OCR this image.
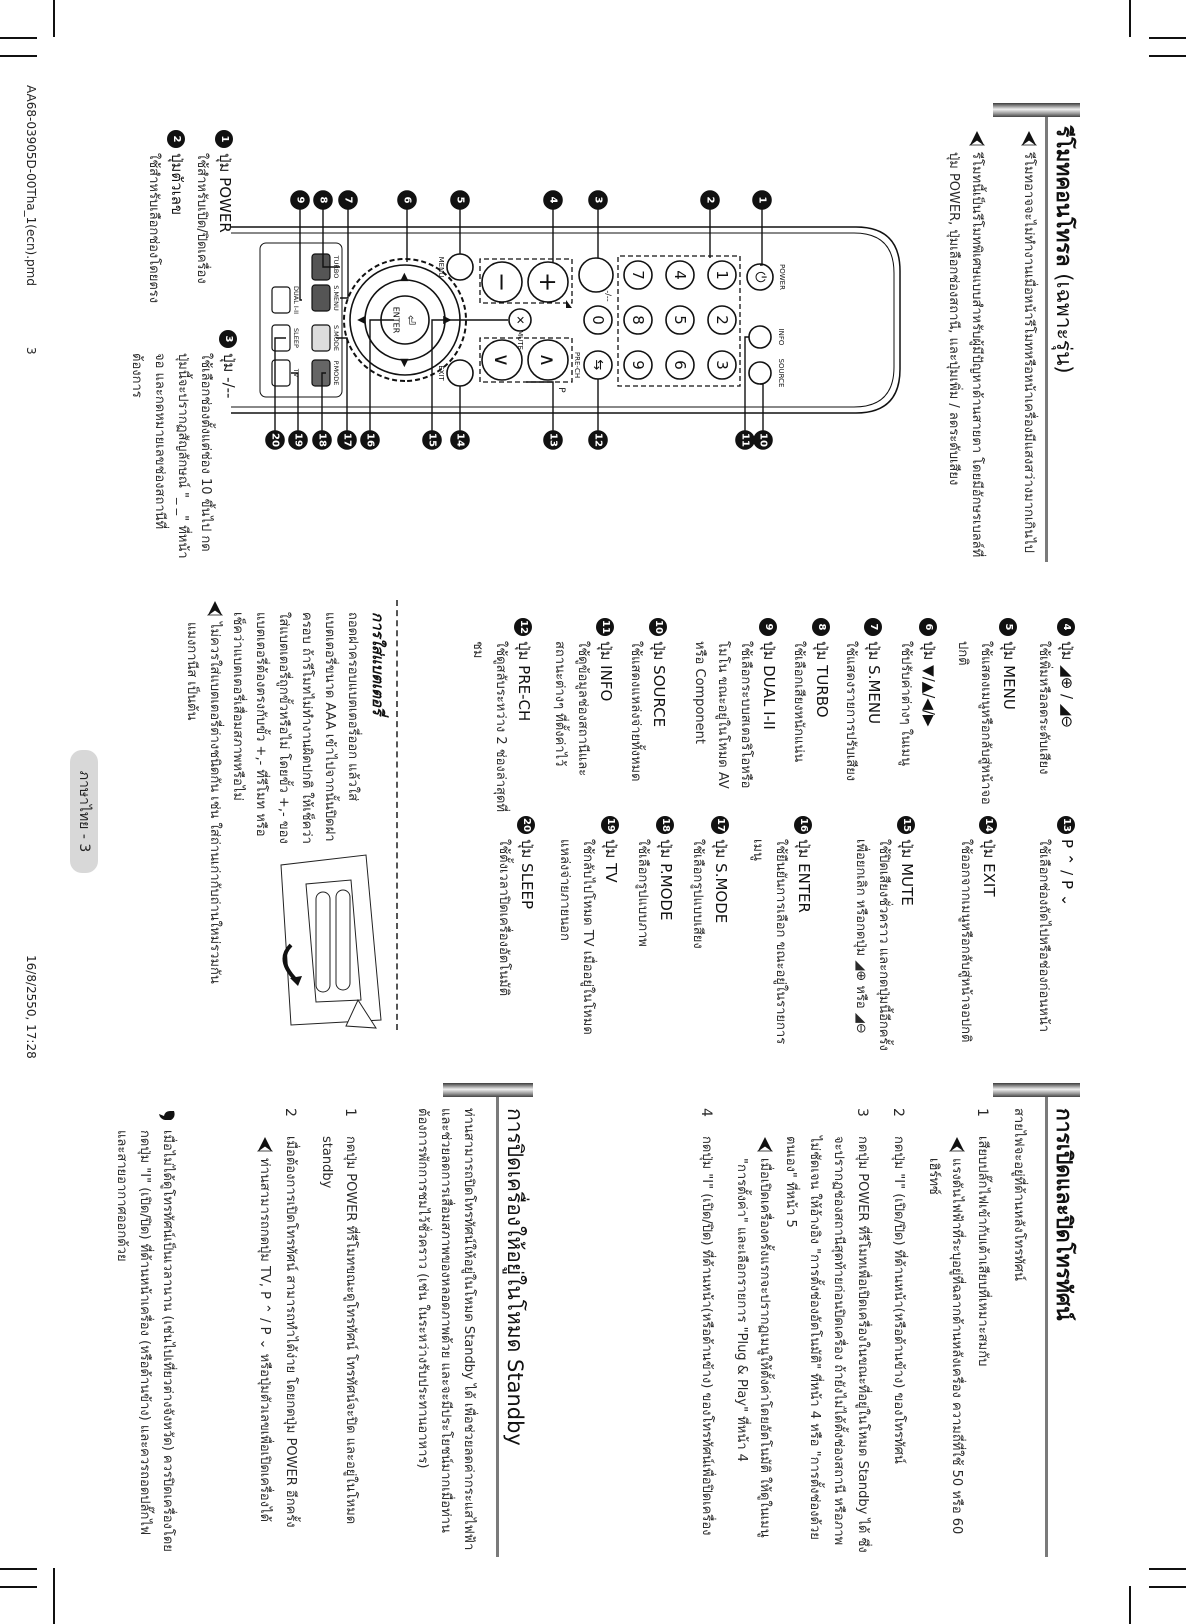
รีโมทคอนโทรล (เฉพาะรุ่น)
รีโมทอาจจะไม่ทำงานเมื่อหน้ารีโมทหรือหน้าเครื่องมีแสงสว่างมากเกินไป
รีโมทนี้เป็นรีโมทพิเศษแบบสำหรับผู้มีปัญหาด้านสายตา โดยมีอักษรเบลล์ที่ปุ่ม POWER, ปุ่มเลือกช่องสถานี, และปุ่มเพิ่ม / ลดระดับเสียง
⏻ POWER
INFO
SOURCE
1
2
3
4
5
6
7
8
9
0
-/--
⇆
PRE-CH
+
−
∧
∨
P
✕
MUTE
MENU
EXIT
▲
▼
◀
▶
⏎
ENTER
TURBO
S.MENU
S.MODE
P.MODE
DUAL I-II
SLEEP
TV
1
2
3
4
5
6
7
8
9
10
11
12
13
14
15
16
17
18
19
20
1
ปุ่ม POWER
ใช้สำหรับเปิด/ปิดเครื่อง
2
ปุ่มตัวเลข
ใช้สำหรับเลือกช่องโดยตรง
3
ปุ่ม -/--
ใช้เลือกช่องตั้งแต่ช่อง 10 ขึ้นไป กดปุ่มนี้จะปรากฏสัญลักษณ์ "_ _" ที่หน้าจอ และกดหมายเลขช่องสถานีที่ต้องการ
4
ปุ่ม ◢⊕ / ◢⊖
ใช้เพิ่มหรือลดระดับเสียง
5
ปุ่ม MENU
ใช้แสดงเมนูหรือกลับสู่หน้าจอปกติ
6
ปุ่ม ▼/▲/◀/▶
ใช้ปรับค่าต่างๆ ในเมนู
7
ปุ่ม S.MENU
ใช้แสดงรายการปรับเสียง
8
ปุ่ม TURBO
ใช้เลือกเสียงหนักแน่น
9
ปุ่ม DUAL I-II
ใช้เลือกระบบสเตอริโอหรือโมโน ขณะอยู่ในโหมด AV หรือ Component
10
ปุ่ม SOURCE
ใช้แสดงแหล่งจ่ายทั้งหมด
11
ปุ่ม INFO
ใช้ดูข้อมูลช่องสถานีและสถานะต่างๆ ที่ตั้งค่าไว้
12
ปุ่ม PRE-CH
ใช้ดูสลับระหว่าง 2 ช่องล่าสุดที่ชม
13
P ⌃ / P ⌄
ใช้เลือกช่องถัดไปหรือช่องก่อนหน้า
14
ปุ่ม EXIT
ใช้ออกจากเมนูหรือกลับสู่หน้าจอปกติ
15
ปุ่ม MUTE
ใช้ปิดเสียงชั่วคราว และกดปุ่มนี้อีกครั้งเพื่อยกเลิก หรือกดปุ่ม ◢⊕ หรือ ◢⊖
16
ปุ่ม ENTER
ใช้ยืนยันการเลือก ขณะอยู่ในรายการเมนู
17
ปุ่ม S.MODE
ใช้เลือกรูปแบบเสียง
18
ปุ่ม P.MODE
ใช้เลือกรูปแบบภาพ
19
ปุ่ม TV
ใช้กลับไปโหมด TV เมื่ออยู่ในโหมดแหล่งจ่ายภายนอก
20
ปุ่ม SLEEP
ใช้ตั้งเวลาปิดเครื่องอัตโนมัติ
การใส่แบตเตอรี่
ถอดฝาครอบแบตเตอรี่ออก แล้วใส่แบตเตอรี่ขนาด AAA เข้าไปจากนั้นปิดฝาครอบ ถ้ารีโมทไม่ทำงานผิดปกติ ให้เช็คว่า ใส่แบตเตอรี่ถูกขั้วหรือไม่ โดยขั้ว +,- ของแบตเตอรี่ต้องตรงกับขั้ว +,- ที่รีโมท หรือเช็คว่าแบตเตอรี่เสื่อมสภาพหรือไม่
ไม่ควรใส่แบตเตอรี่ต่างชนิดกัน เช่น ใส่ถ่านเก่ากับถ่านใหม่รวมกัน แมงกานีส เป็นต้น
การเปิดและปิดโทรทัศน์
สายไฟจะอยู่ที่ด้านหลังโทรทัศน์
1
เสียบปลั๊กไฟเข้ากับเต้าเสียบที่เหมาะสมกับ
แรงดันไฟฟ้าที่ระบุอยู่ที่ฉลากด้านหลังเครื่อง ความถี่ที่ใช้ 50 หรือ 60 เฮิร์ทซ์
2
กดปุ่ม "I" (เปิด/ปิด) ที่ด้านหน้า(หรือด้านข้าง) ของโทรทัศน์
3
กดปุ่ม POWER ที่รีโมทเพื่อเปิดเครื่องในขณะที่อยู่ในโหมด Standby ได้ ซึ่งจะปรากฏช่องสถานีสุดท้ายก่อนปิดเครื่อง ถ้ายังไม่ได้ตั้งช่องสถานี หรือภาพไม่ชัดเจน ให้อ้างอิง "การตั้งช่องอัตโนมัติ" ที่หน้า 4 หรือ "การตั้งช่องด้วยตนเอง" ที่หน้า 5
เมื่อเปิดเครื่องครั้งแรกจะปรากฏเมนูให้ตั้งค่าโดยอัตโนมัติ ให้ดูในเมนู "การตั้งค่า" และเลือกรายการ "Plug & Play" ที่หน้า 4
4
กดปุ่ม "I" (เปิด/ปิด) ที่ด้านหน้า(หรือด้านข้าง) ของโทรทัศน์เพื่อปิดเครื่อง
การปิดเครื่องให้อยู่ในโหมด Standby
ท่านสามารถปิดโทรทัศน์ให้อยู่ในโหมด Standby ได้ เพื่อช่วยลดค่ากระแสไฟฟ้า และช่วยลดการเสื่อมสภาพของหลอดภาพด้วย และจะมีประโยชน์มากเมื่อท่านต้องการพักการชมไว้ชั่วคราว (เช่น ในระหว่างรับประทานอาหาร)
1
กดปุ่ม POWER ที่รีโมทขณะดูโทรทัศน์ โทรทัศน์จะปิด และอยู่ในโหมด standby
2
เมื่อต้องการเปิดโทรทัศน์ สามารถทำได้ง่าย โดยกดปุ่ม POWER อีกครั้ง
ท่านสามารถกดปุ่ม TV, P ⌃ / P ⌄ หรือปุ่มตัวเลขเพื่อเปิดเครื่องได้
เมื่อไม่ได้ดูโทรทัศน์เป็นเวลานาน (เช่นไปเที่ยวต่างจังหวัด) ควรปิดเครื่องโดยกดปุ่ม "I" (เปิด/ปิด) ที่ด้านหน้าเครื่อง (หรือด้านข้าง) และควรถอดปลั๊กไฟและสายอากาศออกด้วย
AA68-03905D-00Tha_1(ecn).pmd
3
16/8/2550, 17:28
ภาษาไทย - 3
